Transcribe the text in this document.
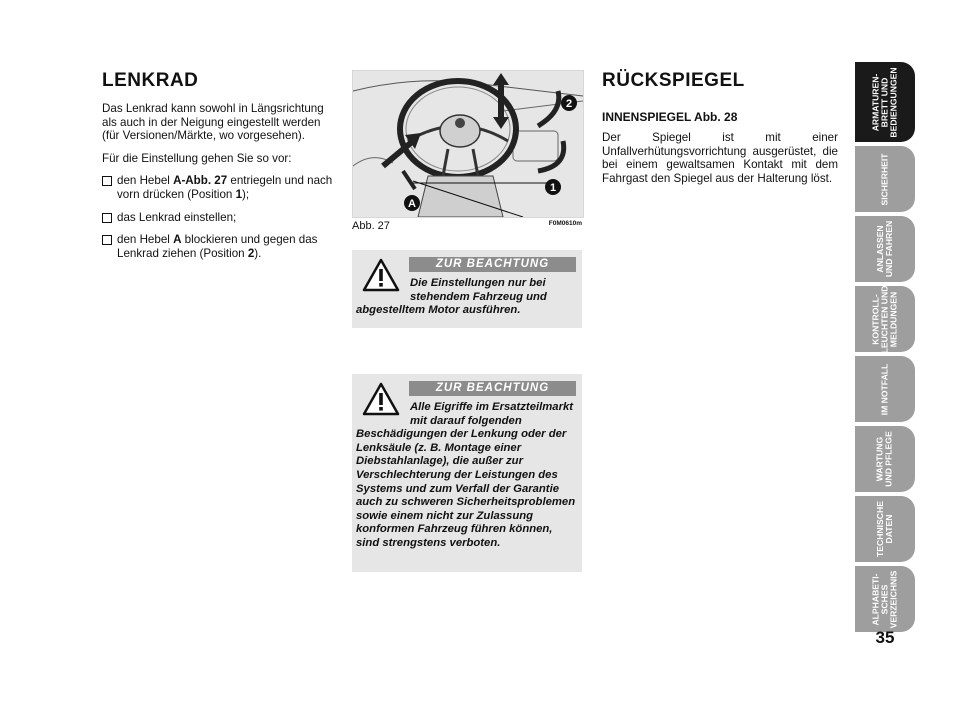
LENKRAD

Das Lenkrad kann sowohl in Längsrichtung als auch in der Neigung eingestellt werden (für Versionen/Märkte, wo vorgesehen).

Für die Einstellung gehen Sie so vor:

den Hebel A-Abb. 27 entriegeln und nach vorn drücken (Position 1);
das Lenkrad einstellen;
den Hebel A blockieren und gegen das Lenkrad ziehen (Position 2).
2
1
A
Abb. 27	F0M0610m
ZUR BEACHTUNG
Die Einstellungen nur bei stehendem Fahrzeug und abgestelltem Motor ausführen.
ZUR BEACHTUNG
Alle Eigriffe im Ersatzteilmarkt mit darauf folgenden Beschädigungen der Lenkung oder der Lenksäule (z. B. Montage einer Diebstahlanlage), die außer zur Verschlechterung der Leistungen des Systems und zum Verfall der Garantie auch zu schweren Sicherheitsproblemen sowie einem nicht zur Zulassung konformen Fahrzeug führen können, sind strengstens verboten.
RÜCKSPIEGEL
INNENSPIEGEL Abb. 28

Der Spiegel ist mit einer Unfallverhütungsvorrichtung ausgerüstet, die bei einem gewaltsamen Kontakt mit dem Fahrgast den Spiegel aus der Halterung löst.

ARMATUREN-
BRETT UND
BEDIENGUNGEN
SICHERHEIT
ANLASSEN
UND FAHREN
KONTROLL-
LEUCHTEN UND
MELDUNGEN
IM NOTFALL
WARTUNG
UND PFLEGE
TECHNISCHE
DATEN
ALPHABETI-
SCHES
VERZEICHNIS
35
